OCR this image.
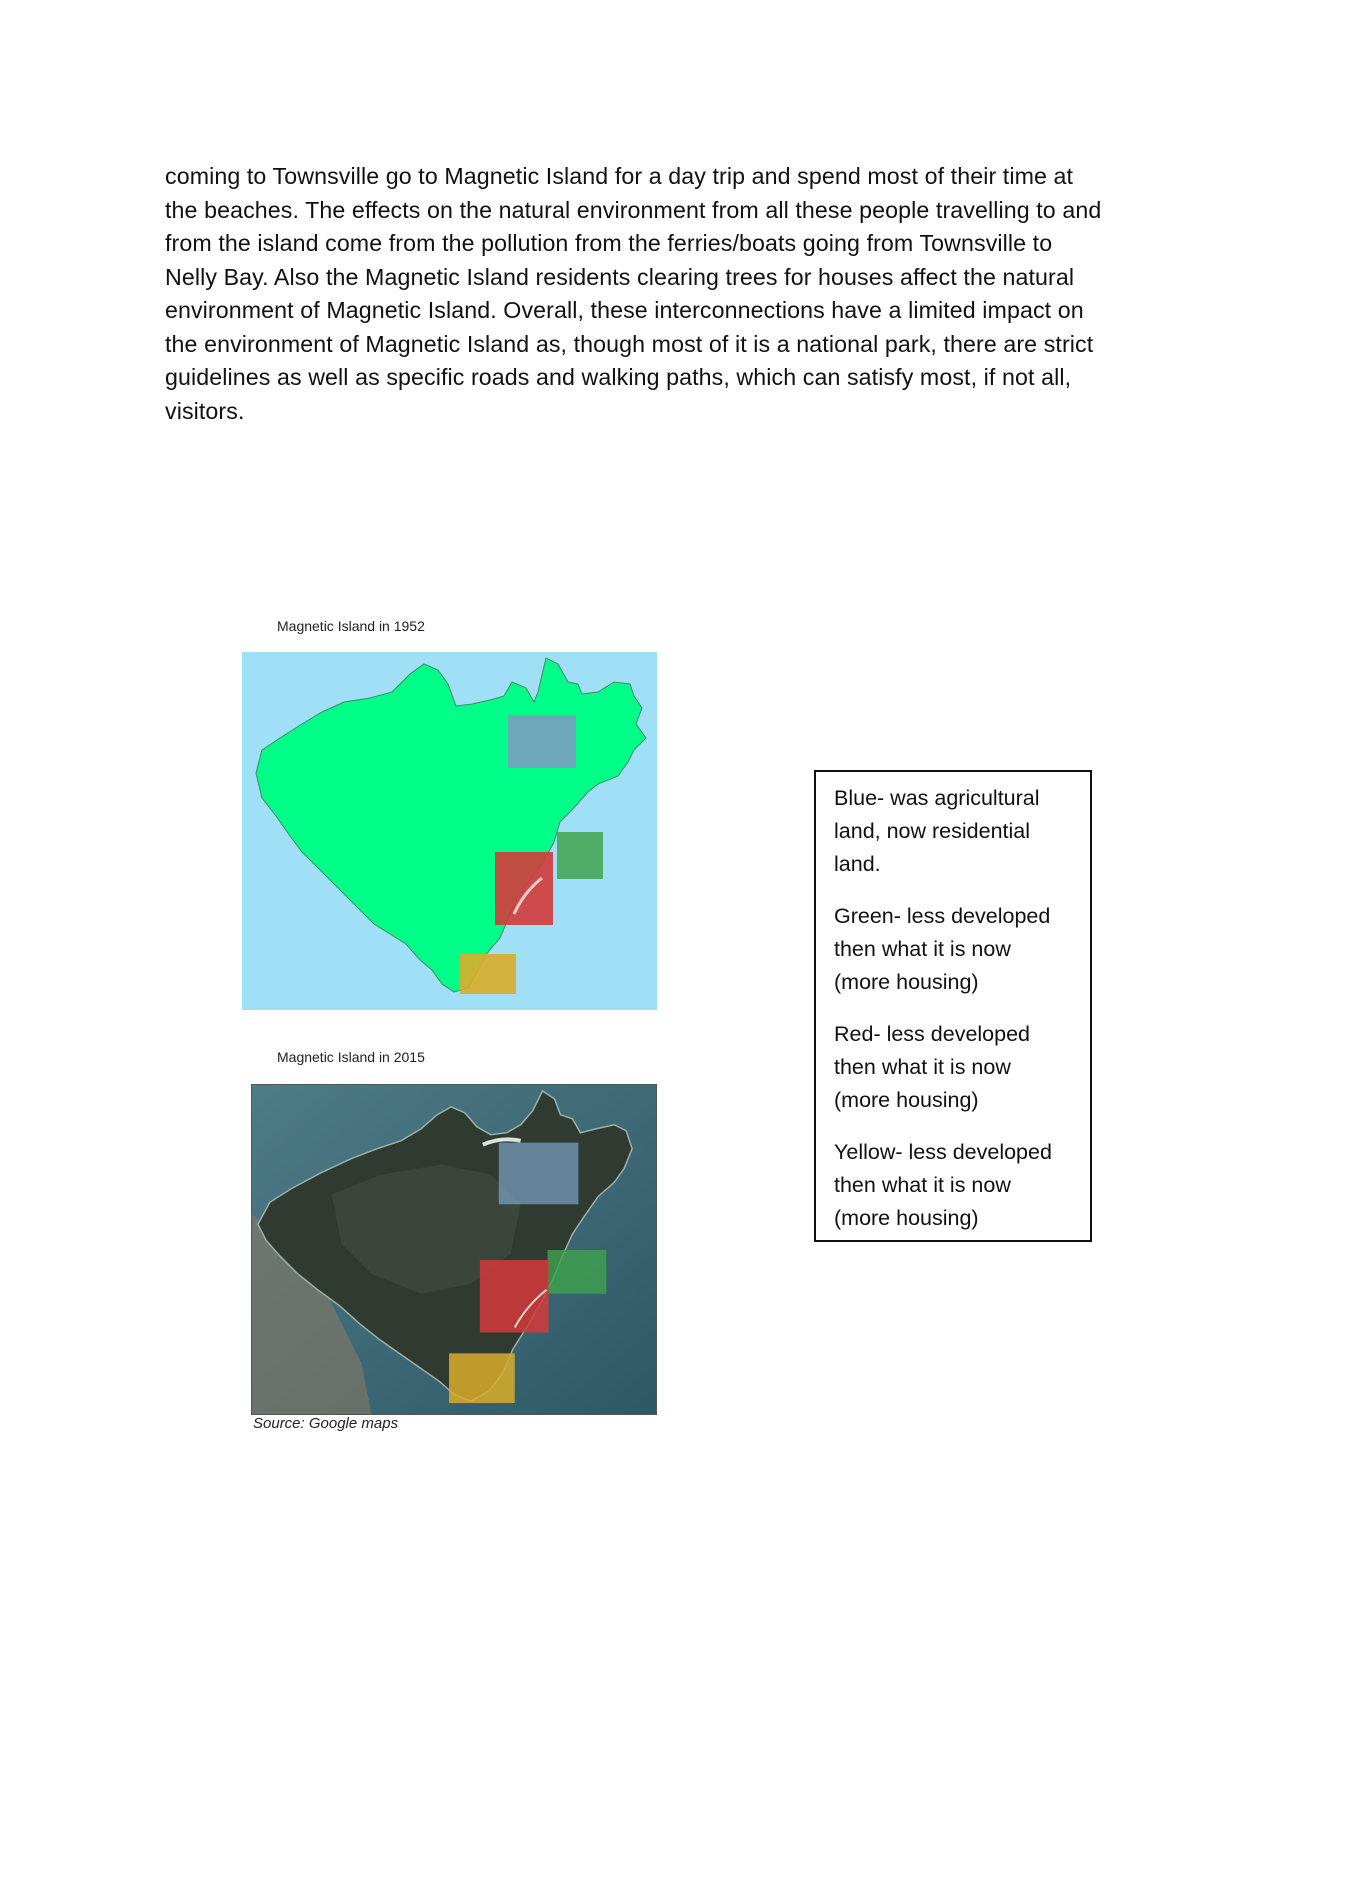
coming to Townsville go to Magnetic Island for a day trip and spend most of their time at
the beaches. The effects on the natural environment from all these people travelling to and
from the island come from the pollution from the ferries/boats going from Townsville to
Nelly Bay. Also the Magnetic Island residents clearing trees for houses affect the natural
environment of Magnetic Island. Overall, these interconnections have a limited impact on
the environment of Magnetic Island as, though most of it is a national park, there are strict
guidelines as well as specific roads and walking paths, which can satisfy most, if not all,
visitors.
Magnetic Island in 1952
Magnetic Island in 2015
Source: Google maps

Blue- was agricultural
land, now residential
land.

Green- less developed
then what it is now
(more housing)

Red- less developed
then what it is now
(more housing)

Yellow- less developed
then what it is now
(more housing)
